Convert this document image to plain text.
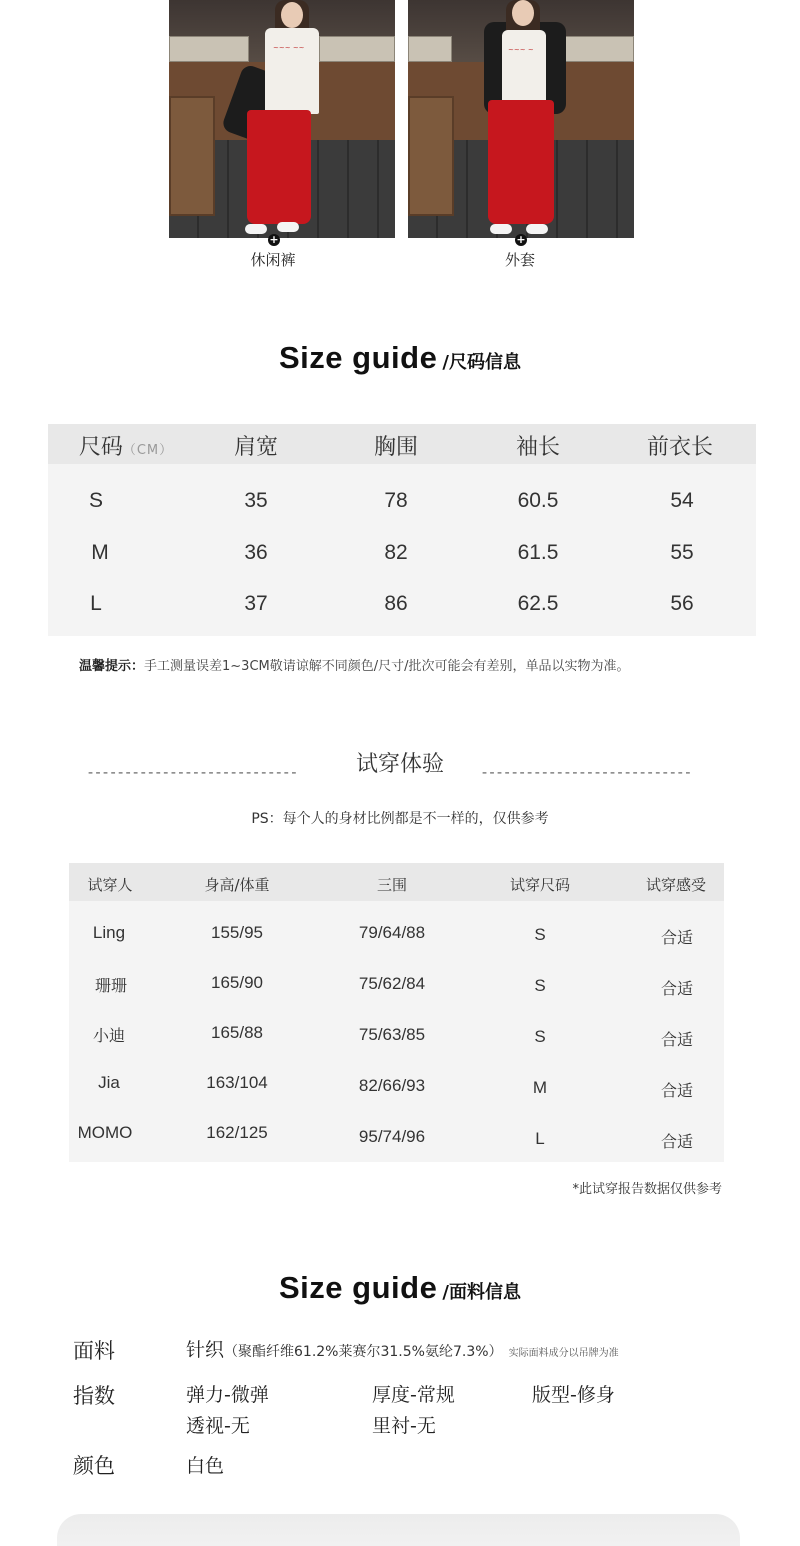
~~~ ~~
+
休闲裤
~~~ ~
+
外套
Size guide /尺码信息
尺码（CM）	肩宽	胸围	袖长	前衣长
S	35	78	60.5	54
M	36	82	61.5	55
L	37	86	62.5	56
温馨提示：手工测量误差1~3CM敬请谅解不同颜色/尺寸/批次可能会有差别，单品以实物为准。
----------------------------	试穿体验	----------------------------
PS：每个人的身材比例都是不一样的，仅供参考
试穿人	身高/体重	三围	试穿尺码	试穿感受
Ling	155/95	79/64/88	S	合适
珊珊	165/90	75/62/84	S	合适
小迪	165/88	75/63/85	S	合适
Jia	163/104	82/66/93	M	合适
MOMO	162/125	95/74/96	L	合适
*此试穿报告数据仅供参考
Size guide /面料信息
面料	针织（聚酯纤维61.2%莱赛尔31.5%氨纶7.3%） 实际面料成分以吊牌为准
指数	弹力-微弹	厚度-常规	版型-修身
透视-无	里衬-无
颜色	白色
